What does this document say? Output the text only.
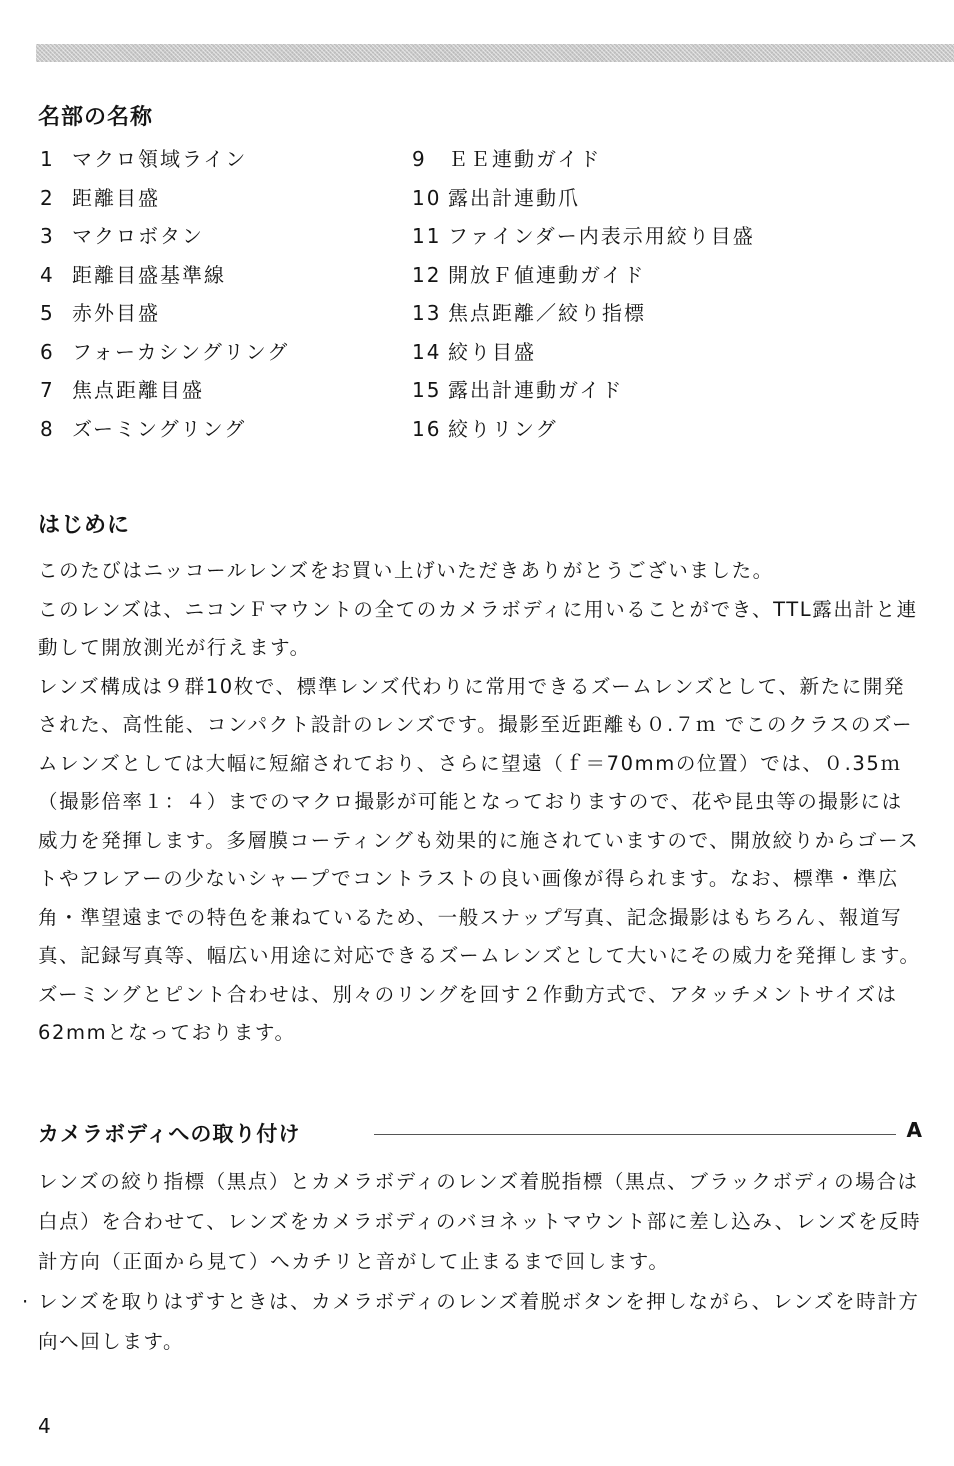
名部の名称
1 マクロ領域ライン
2 距離目盛
3 マクロボタン
4 距離目盛基準線
5 赤外目盛
6 フォーカシングリング
7 焦点距離目盛
8 ズーミングリング
9 ＥＥ連動ガイド
10 露出計連動爪
11 ファインダー内表示用絞り目盛
12 開放Ｆ値連動ガイド
13 焦点距離／絞り指標
14 絞り目盛
15 露出計連動ガイド
16 絞りリング
はじめに

このたびはニッコールレンズをお買い上げいただきありがとうございました。

このレンズは、ニコンＦマウントの全てのカメラボディに用いることができ、TTL露出計と連動して開放測光が行えます。

レンズ構成は９群10枚で、標準レンズ代わりに常用できるズームレンズとして、新たに開発された、高性能、コンパクト設計のレンズです。撮影至近距離も０.７ｍ でこのクラスのズームレンズとしては大幅に短縮されており、さらに望遠（ｆ＝70mmの位置）では、０.35ｍ（撮影倍率１：４）までのマクロ撮影が可能となっておりますので、花や昆虫等の撮影には威力を発揮します。多層膜コーティングも効果的に施されていますので、開放絞りからゴーストやフレアーの少ないシャープでコントラストの良い画像が得られます。なお、標準・準広角・準望遠までの特色を兼ねているため、一般スナップ写真、記念撮影はもちろん、報道写真、記録写真等、幅広い用途に対応できるズームレンズとして大いにその威力を発揮します。

ズーミングとピント合わせは、別々のリングを回す２作動方式で、アタッチメントサイズは62mmとなっております。

カメラボディへの取り付け	A

レンズの絞り指標（黒点）とカメラボディのレンズ着脱指標（黒点、ブラックボディの場合は白点）を合わせて、レンズをカメラボディのバヨネットマウント部に差し込み、レンズを反時計方向（正面から見て）へカチリと音がして止まるまで回します。

· レンズを取りはずすときは、カメラボディのレンズ着脱ボタンを押しながら、レンズを時計方向へ回します。

4
